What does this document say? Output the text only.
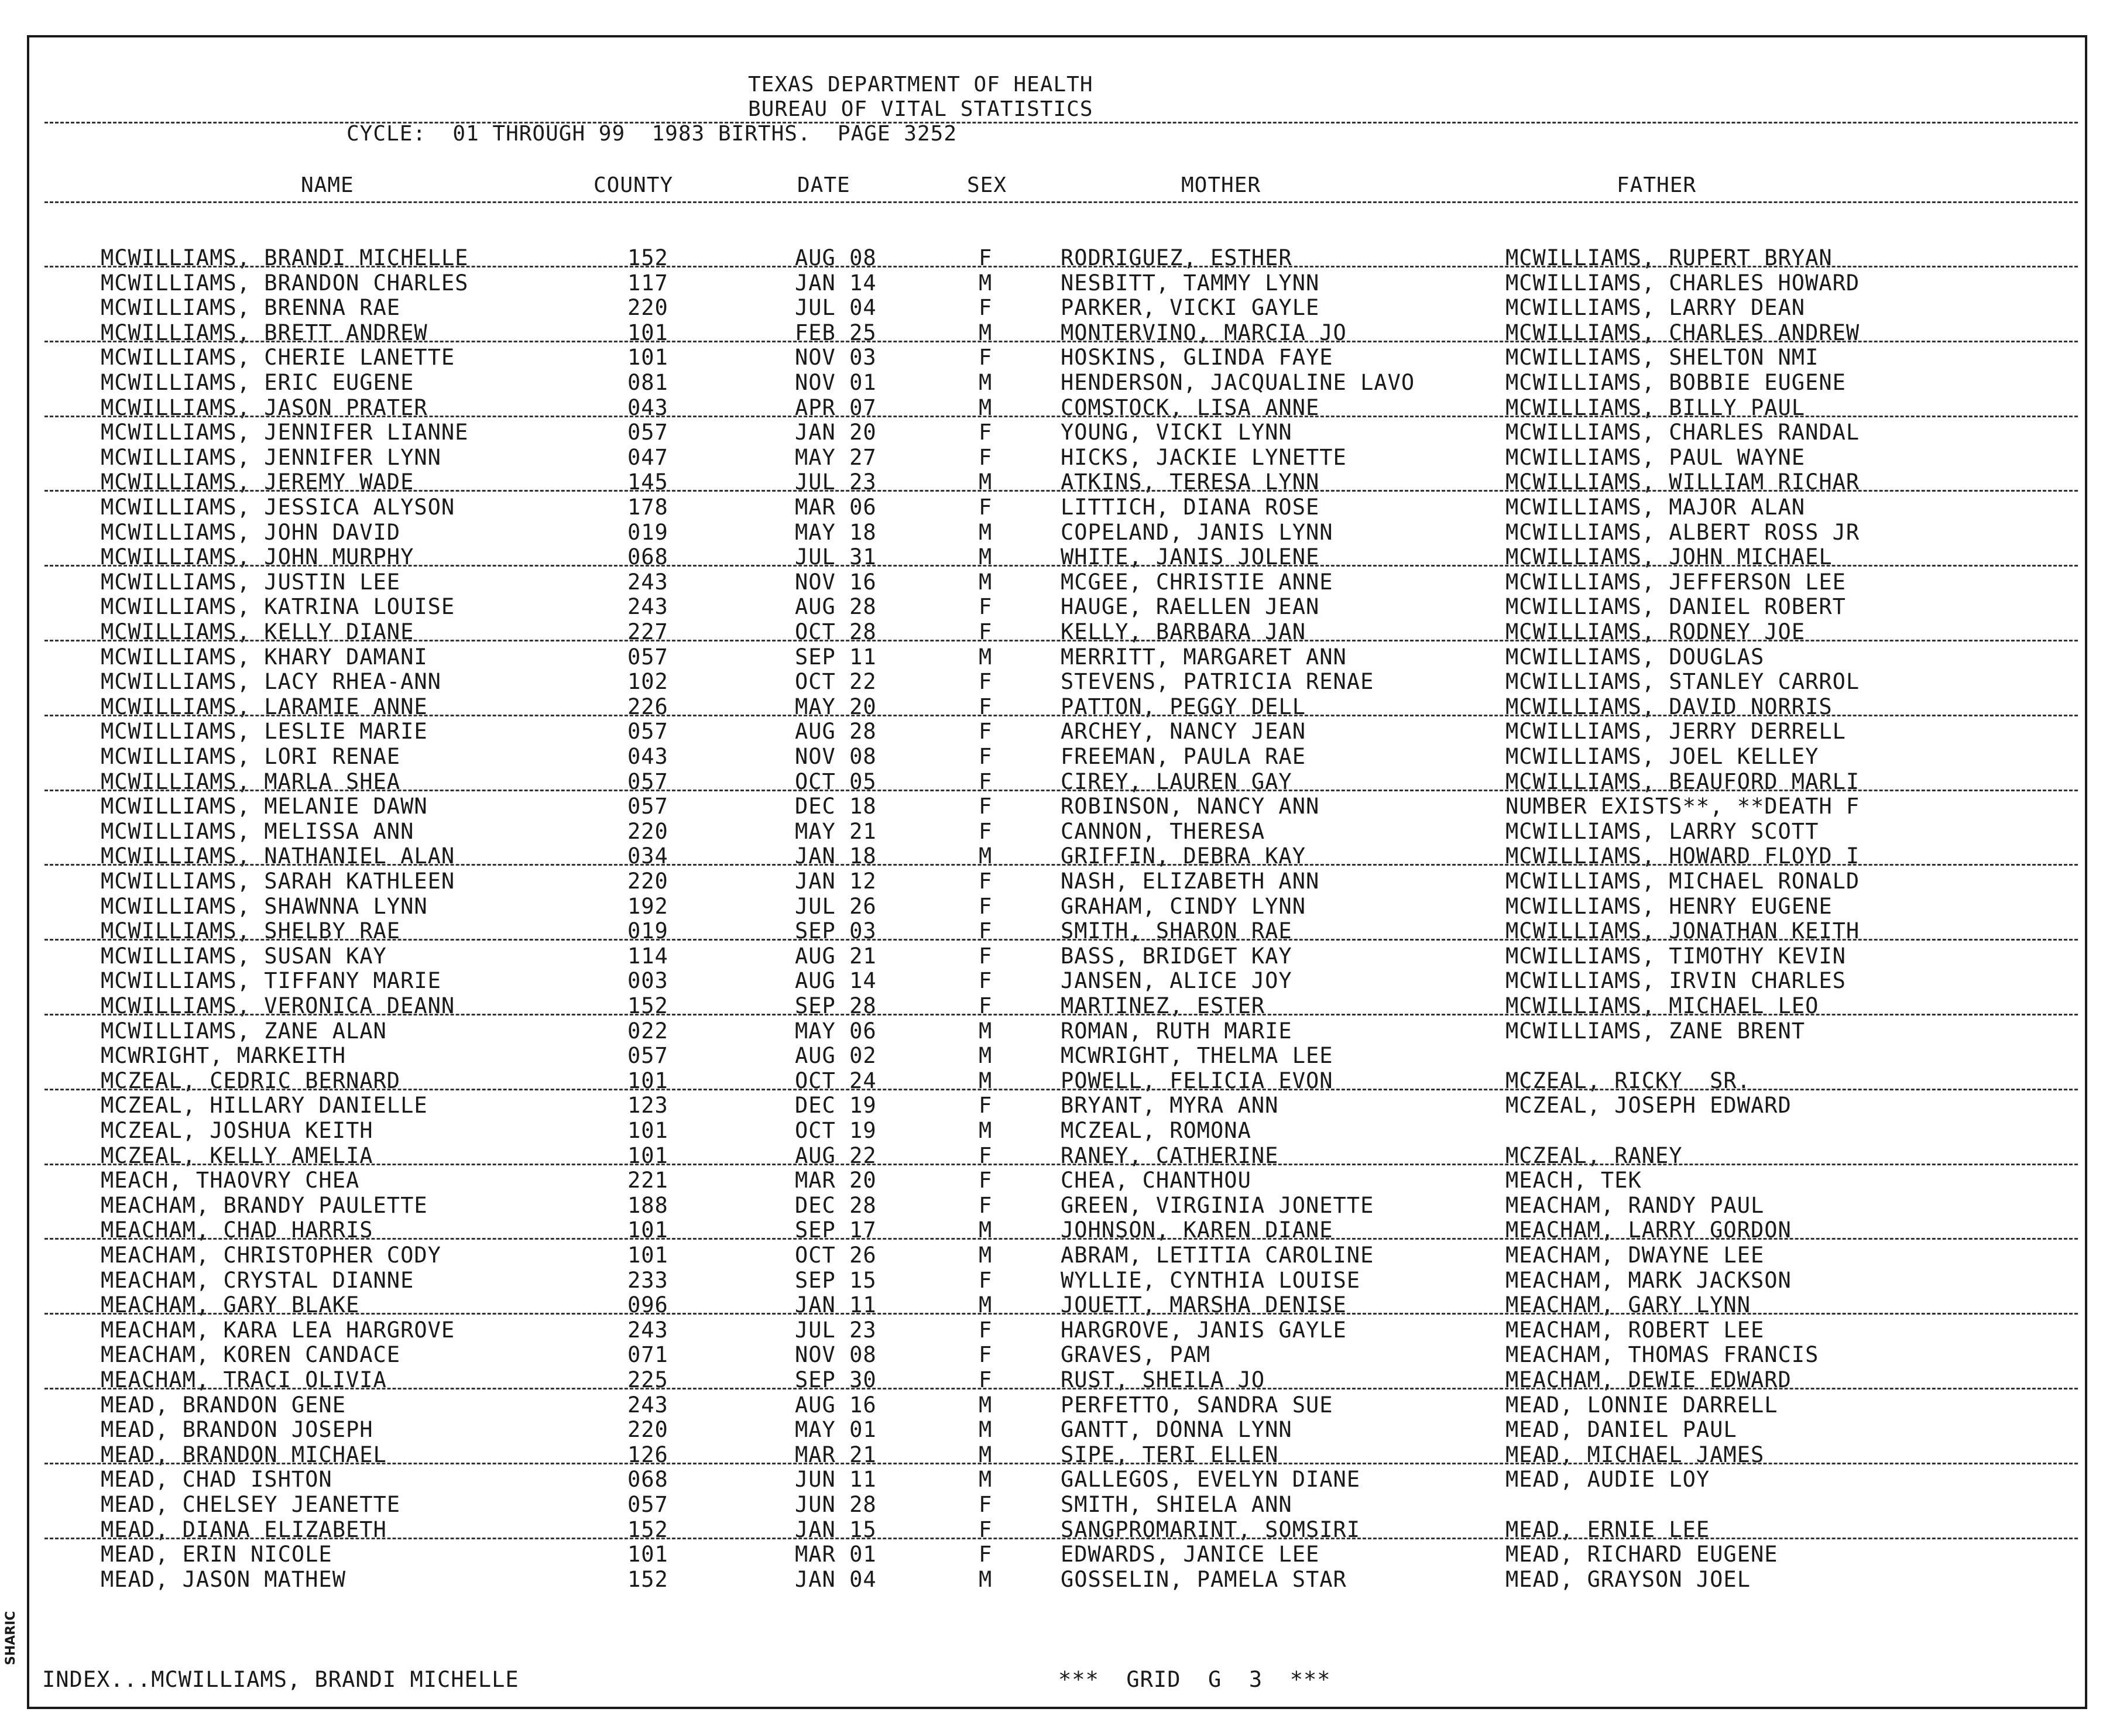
SHARIC
TEXAS DEPARTMENT OF HEALTH
BUREAU OF VITAL STATISTICS
CYCLE:  01 THROUGH 99  1983 BIRTHS.  PAGE 3252
NAME	COUNTY	DATE	SEX	MOTHER	FATHER
MCWILLIAMS, BRANDI MICHELLE	152	AUG 08	F	RODRIGUEZ, ESTHER	MCWILLIAMS, RUPERT BRYAN
MCWILLIAMS, BRANDON CHARLES	117	JAN 14	M	NESBITT, TAMMY LYNN	MCWILLIAMS, CHARLES HOWARD
MCWILLIAMS, BRENNA RAE	220	JUL 04	F	PARKER, VICKI GAYLE	MCWILLIAMS, LARRY DEAN
MCWILLIAMS, BRETT ANDREW	101	FEB 25	M	MONTERVINO, MARCIA JO	MCWILLIAMS, CHARLES ANDREW
MCWILLIAMS, CHERIE LANETTE	101	NOV 03	F	HOSKINS, GLINDA FAYE	MCWILLIAMS, SHELTON NMI
MCWILLIAMS, ERIC EUGENE	081	NOV 01	M	HENDERSON, JACQUALINE LAVO	MCWILLIAMS, BOBBIE EUGENE
MCWILLIAMS, JASON PRATER	043	APR 07	M	COMSTOCK, LISA ANNE	MCWILLIAMS, BILLY PAUL
MCWILLIAMS, JENNIFER LIANNE	057	JAN 20	F	YOUNG, VICKI LYNN	MCWILLIAMS, CHARLES RANDAL
MCWILLIAMS, JENNIFER LYNN	047	MAY 27	F	HICKS, JACKIE LYNETTE	MCWILLIAMS, PAUL WAYNE
MCWILLIAMS, JEREMY WADE	145	JUL 23	M	ATKINS, TERESA LYNN	MCWILLIAMS, WILLIAM RICHAR
MCWILLIAMS, JESSICA ALYSON	178	MAR 06	F	LITTICH, DIANA ROSE	MCWILLIAMS, MAJOR ALAN
MCWILLIAMS, JOHN DAVID	019	MAY 18	M	COPELAND, JANIS LYNN	MCWILLIAMS, ALBERT ROSS JR
MCWILLIAMS, JOHN MURPHY	068	JUL 31	M	WHITE, JANIS JOLENE	MCWILLIAMS, JOHN MICHAEL
MCWILLIAMS, JUSTIN LEE	243	NOV 16	M	MCGEE, CHRISTIE ANNE	MCWILLIAMS, JEFFERSON LEE
MCWILLIAMS, KATRINA LOUISE	243	AUG 28	F	HAUGE, RAELLEN JEAN	MCWILLIAMS, DANIEL ROBERT
MCWILLIAMS, KELLY DIANE	227	OCT 28	F	KELLY, BARBARA JAN	MCWILLIAMS, RODNEY JOE
MCWILLIAMS, KHARY DAMANI	057	SEP 11	M	MERRITT, MARGARET ANN	MCWILLIAMS, DOUGLAS
MCWILLIAMS, LACY RHEA-ANN	102	OCT 22	F	STEVENS, PATRICIA RENAE	MCWILLIAMS, STANLEY CARROL
MCWILLIAMS, LARAMIE ANNE	226	MAY 20	F	PATTON, PEGGY DELL	MCWILLIAMS, DAVID NORRIS
MCWILLIAMS, LESLIE MARIE	057	AUG 28	F	ARCHEY, NANCY JEAN	MCWILLIAMS, JERRY DERRELL
MCWILLIAMS, LORI RENAE	043	NOV 08	F	FREEMAN, PAULA RAE	MCWILLIAMS, JOEL KELLEY
MCWILLIAMS, MARLA SHEA	057	OCT 05	F	CIREY, LAUREN GAY	MCWILLIAMS, BEAUFORD MARLI
MCWILLIAMS, MELANIE DAWN	057	DEC 18	F	ROBINSON, NANCY ANN	NUMBER EXISTS**, **DEATH F
MCWILLIAMS, MELISSA ANN	220	MAY 21	F	CANNON, THERESA	MCWILLIAMS, LARRY SCOTT
MCWILLIAMS, NATHANIEL ALAN	034	JAN 18	M	GRIFFIN, DEBRA KAY	MCWILLIAMS, HOWARD FLOYD I
MCWILLIAMS, SARAH KATHLEEN	220	JAN 12	F	NASH, ELIZABETH ANN	MCWILLIAMS, MICHAEL RONALD
MCWILLIAMS, SHAWNNA LYNN	192	JUL 26	F	GRAHAM, CINDY LYNN	MCWILLIAMS, HENRY EUGENE
MCWILLIAMS, SHELBY RAE	019	SEP 03	F	SMITH, SHARON RAE	MCWILLIAMS, JONATHAN KEITH
MCWILLIAMS, SUSAN KAY	114	AUG 21	F	BASS, BRIDGET KAY	MCWILLIAMS, TIMOTHY KEVIN
MCWILLIAMS, TIFFANY MARIE	003	AUG 14	F	JANSEN, ALICE JOY	MCWILLIAMS, IRVIN CHARLES
MCWILLIAMS, VERONICA DEANN	152	SEP 28	F	MARTINEZ, ESTER	MCWILLIAMS, MICHAEL LEO
MCWILLIAMS, ZANE ALAN	022	MAY 06	M	ROMAN, RUTH MARIE	MCWILLIAMS, ZANE BRENT
MCWRIGHT, MARKEITH	057	AUG 02	M	MCWRIGHT, THELMA LEE
MCZEAL, CEDRIC BERNARD	101	OCT 24	M	POWELL, FELICIA EVON	MCZEAL, RICKY  SR.
MCZEAL, HILLARY DANIELLE	123	DEC 19	F	BRYANT, MYRA ANN	MCZEAL, JOSEPH EDWARD
MCZEAL, JOSHUA KEITH	101	OCT 19	M	MCZEAL, ROMONA
MCZEAL, KELLY AMELIA	101	AUG 22	F	RANEY, CATHERINE	MCZEAL, RANEY
MEACH, THAOVRY CHEA	221	MAR 20	F	CHEA, CHANTHOU	MEACH, TEK
MEACHAM, BRANDY PAULETTE	188	DEC 28	F	GREEN, VIRGINIA JONETTE	MEACHAM, RANDY PAUL
MEACHAM, CHAD HARRIS	101	SEP 17	M	JOHNSON, KAREN DIANE	MEACHAM, LARRY GORDON
MEACHAM, CHRISTOPHER CODY	101	OCT 26	M	ABRAM, LETITIA CAROLINE	MEACHAM, DWAYNE LEE
MEACHAM, CRYSTAL DIANNE	233	SEP 15	F	WYLLIE, CYNTHIA LOUISE	MEACHAM, MARK JACKSON
MEACHAM, GARY BLAKE	096	JAN 11	M	JOUETT, MARSHA DENISE	MEACHAM, GARY LYNN
MEACHAM, KARA LEA HARGROVE	243	JUL 23	F	HARGROVE, JANIS GAYLE	MEACHAM, ROBERT LEE
MEACHAM, KOREN CANDACE	071	NOV 08	F	GRAVES, PAM	MEACHAM, THOMAS FRANCIS
MEACHAM, TRACI OLIVIA	225	SEP 30	F	RUST, SHEILA JO	MEACHAM, DEWIE EDWARD
MEAD, BRANDON GENE	243	AUG 16	M	PERFETTO, SANDRA SUE	MEAD, LONNIE DARRELL
MEAD, BRANDON JOSEPH	220	MAY 01	M	GANTT, DONNA LYNN	MEAD, DANIEL PAUL
MEAD, BRANDON MICHAEL	126	MAR 21	M	SIPE, TERI ELLEN	MEAD, MICHAEL JAMES
MEAD, CHAD ISHTON	068	JUN 11	M	GALLEGOS, EVELYN DIANE	MEAD, AUDIE LOY
MEAD, CHELSEY JEANETTE	057	JUN 28	F	SMITH, SHIELA ANN
MEAD, DIANA ELIZABETH	152	JAN 15	F	SANGPROMARINT, SOMSIRI	MEAD, ERNIE LEE
MEAD, ERIN NICOLE	101	MAR 01	F	EDWARDS, JANICE LEE	MEAD, RICHARD EUGENE
MEAD, JASON MATHEW	152	JAN 04	M	GOSSELIN, PAMELA STAR	MEAD, GRAYSON JOEL
INDEX...MCWILLIAMS, BRANDI MICHELLE	***  GRID  G  3  ***
